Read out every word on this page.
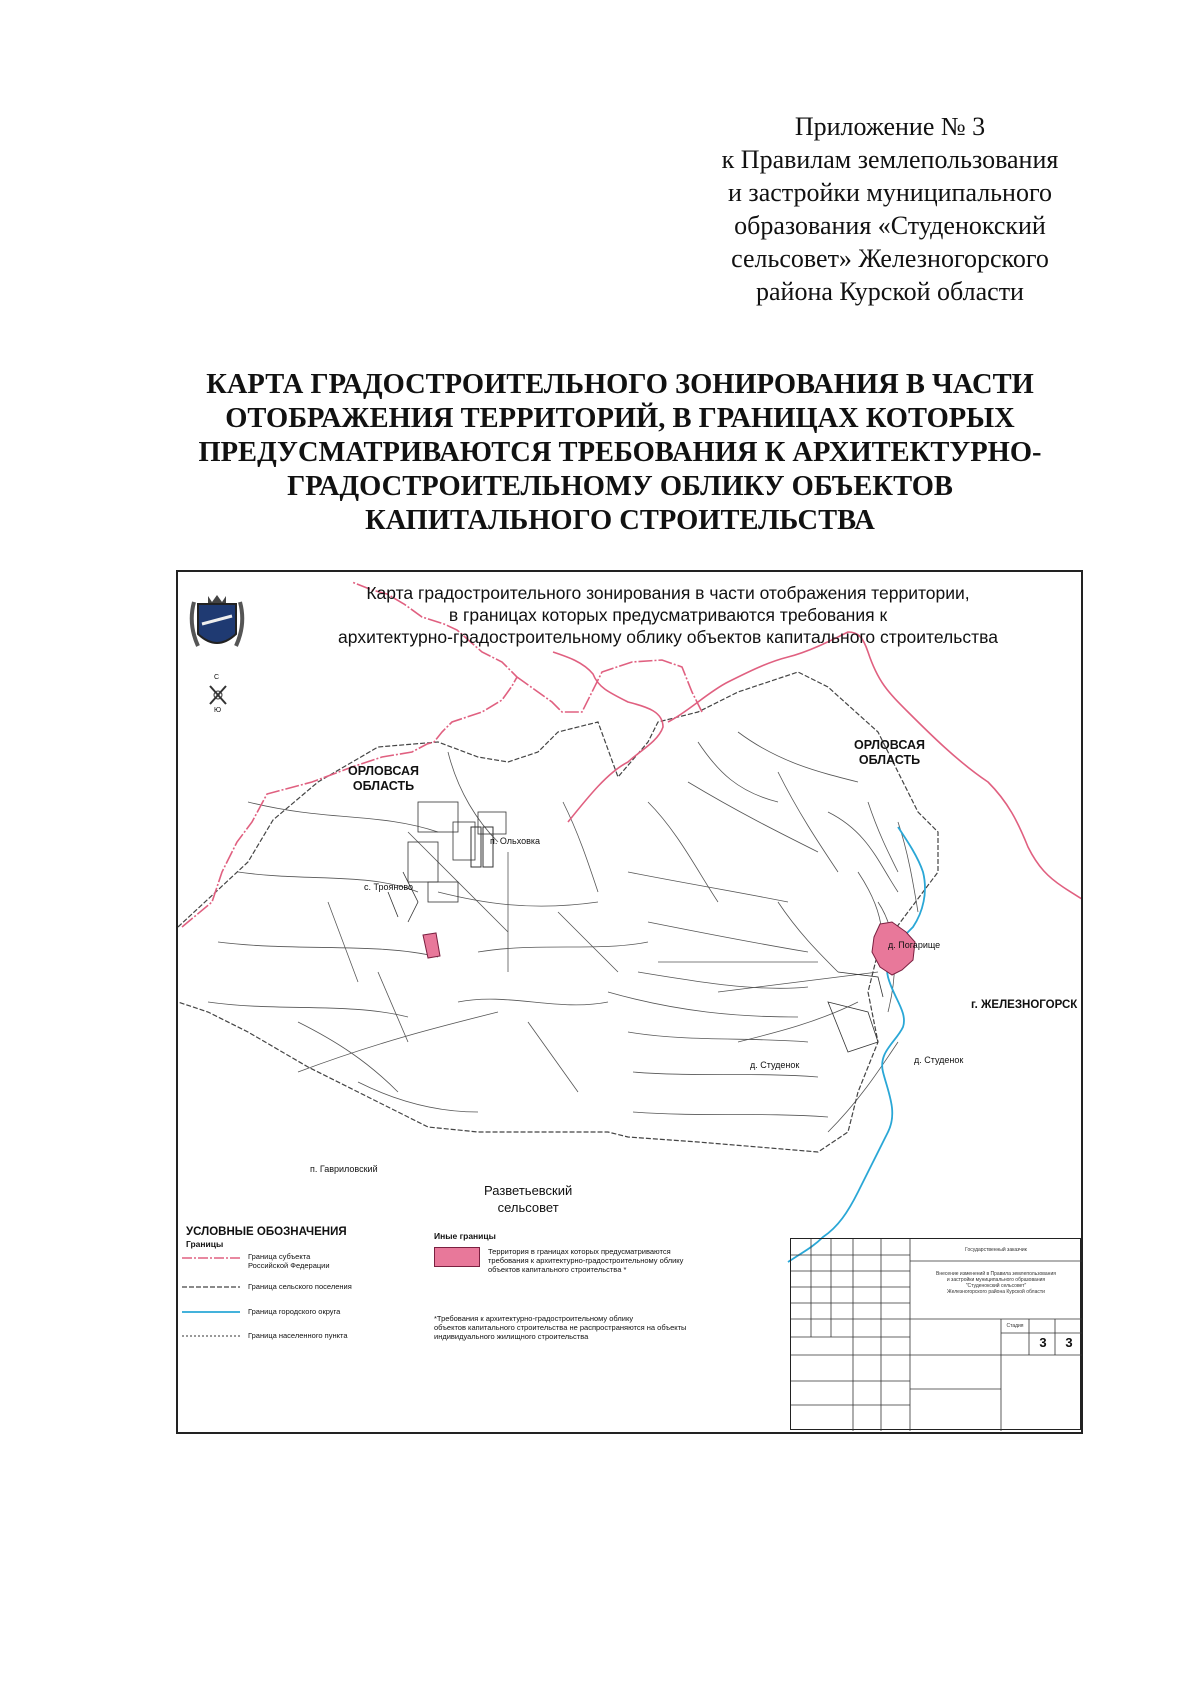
Приложение № 3
к Правилам землепользования
и застройки муниципального
образования «Студенокский
сельсовет» Железногорского
района Курской области
КАРТА ГРАДОСТРОИТЕЛЬНОГО ЗОНИРОВАНИЯ В ЧАСТИ
ОТОБРАЖЕНИЯ ТЕРРИТОРИЙ, В ГРАНИЦАХ КОТОРЫХ
ПРЕДУСМАТРИВАЮТСЯ ТРЕБОВАНИЯ К АРХИТЕКТУРНО-
ГРАДОСТРОИТЕЛЬНОМУ ОБЛИКУ ОБЪЕКТОВ
КАПИТАЛЬНОГО СТРОИТЕЛЬСТВА
С
Ю
Карта градостроительного зонирования в части отображения территории,
в границах которых предусматриваются требования к
архитектурно-градостроительному облику объектов капитального строительства
ОРЛОВСАЯ
ОБЛАСТЬ
ОРЛОВСАЯ
ОБЛАСТЬ
п. Ольховка
с. Трояново
д. Погарище
г. ЖЕЛЕЗНОГОРСК
д. Студенок	д. Студенок
п. Гавриловский
Разветьевский
сельсовет
УСЛОВНЫЕ ОБОЗНАЧЕНИЯ
Границы
Граница субъекта
Российской Федерации
Граница сельского поселения
Граница городского округа
Граница населенного пункта
Иные границы
Территория в границах которых предусматриваются
требования к архитектурно-градостроительному облику
объектов капитального строительства *
*Требования к архитектурно-градостроительному облику
объектов капитального строительства не распространяются на объекты
индивидуального жилищного строительства
Государственный заказчик
Внесение изменений в Правила землепользования
и застройки муниципального образования
"Студенокский сельсовет"
Железногорского района Курской области
Стадия
3	3
